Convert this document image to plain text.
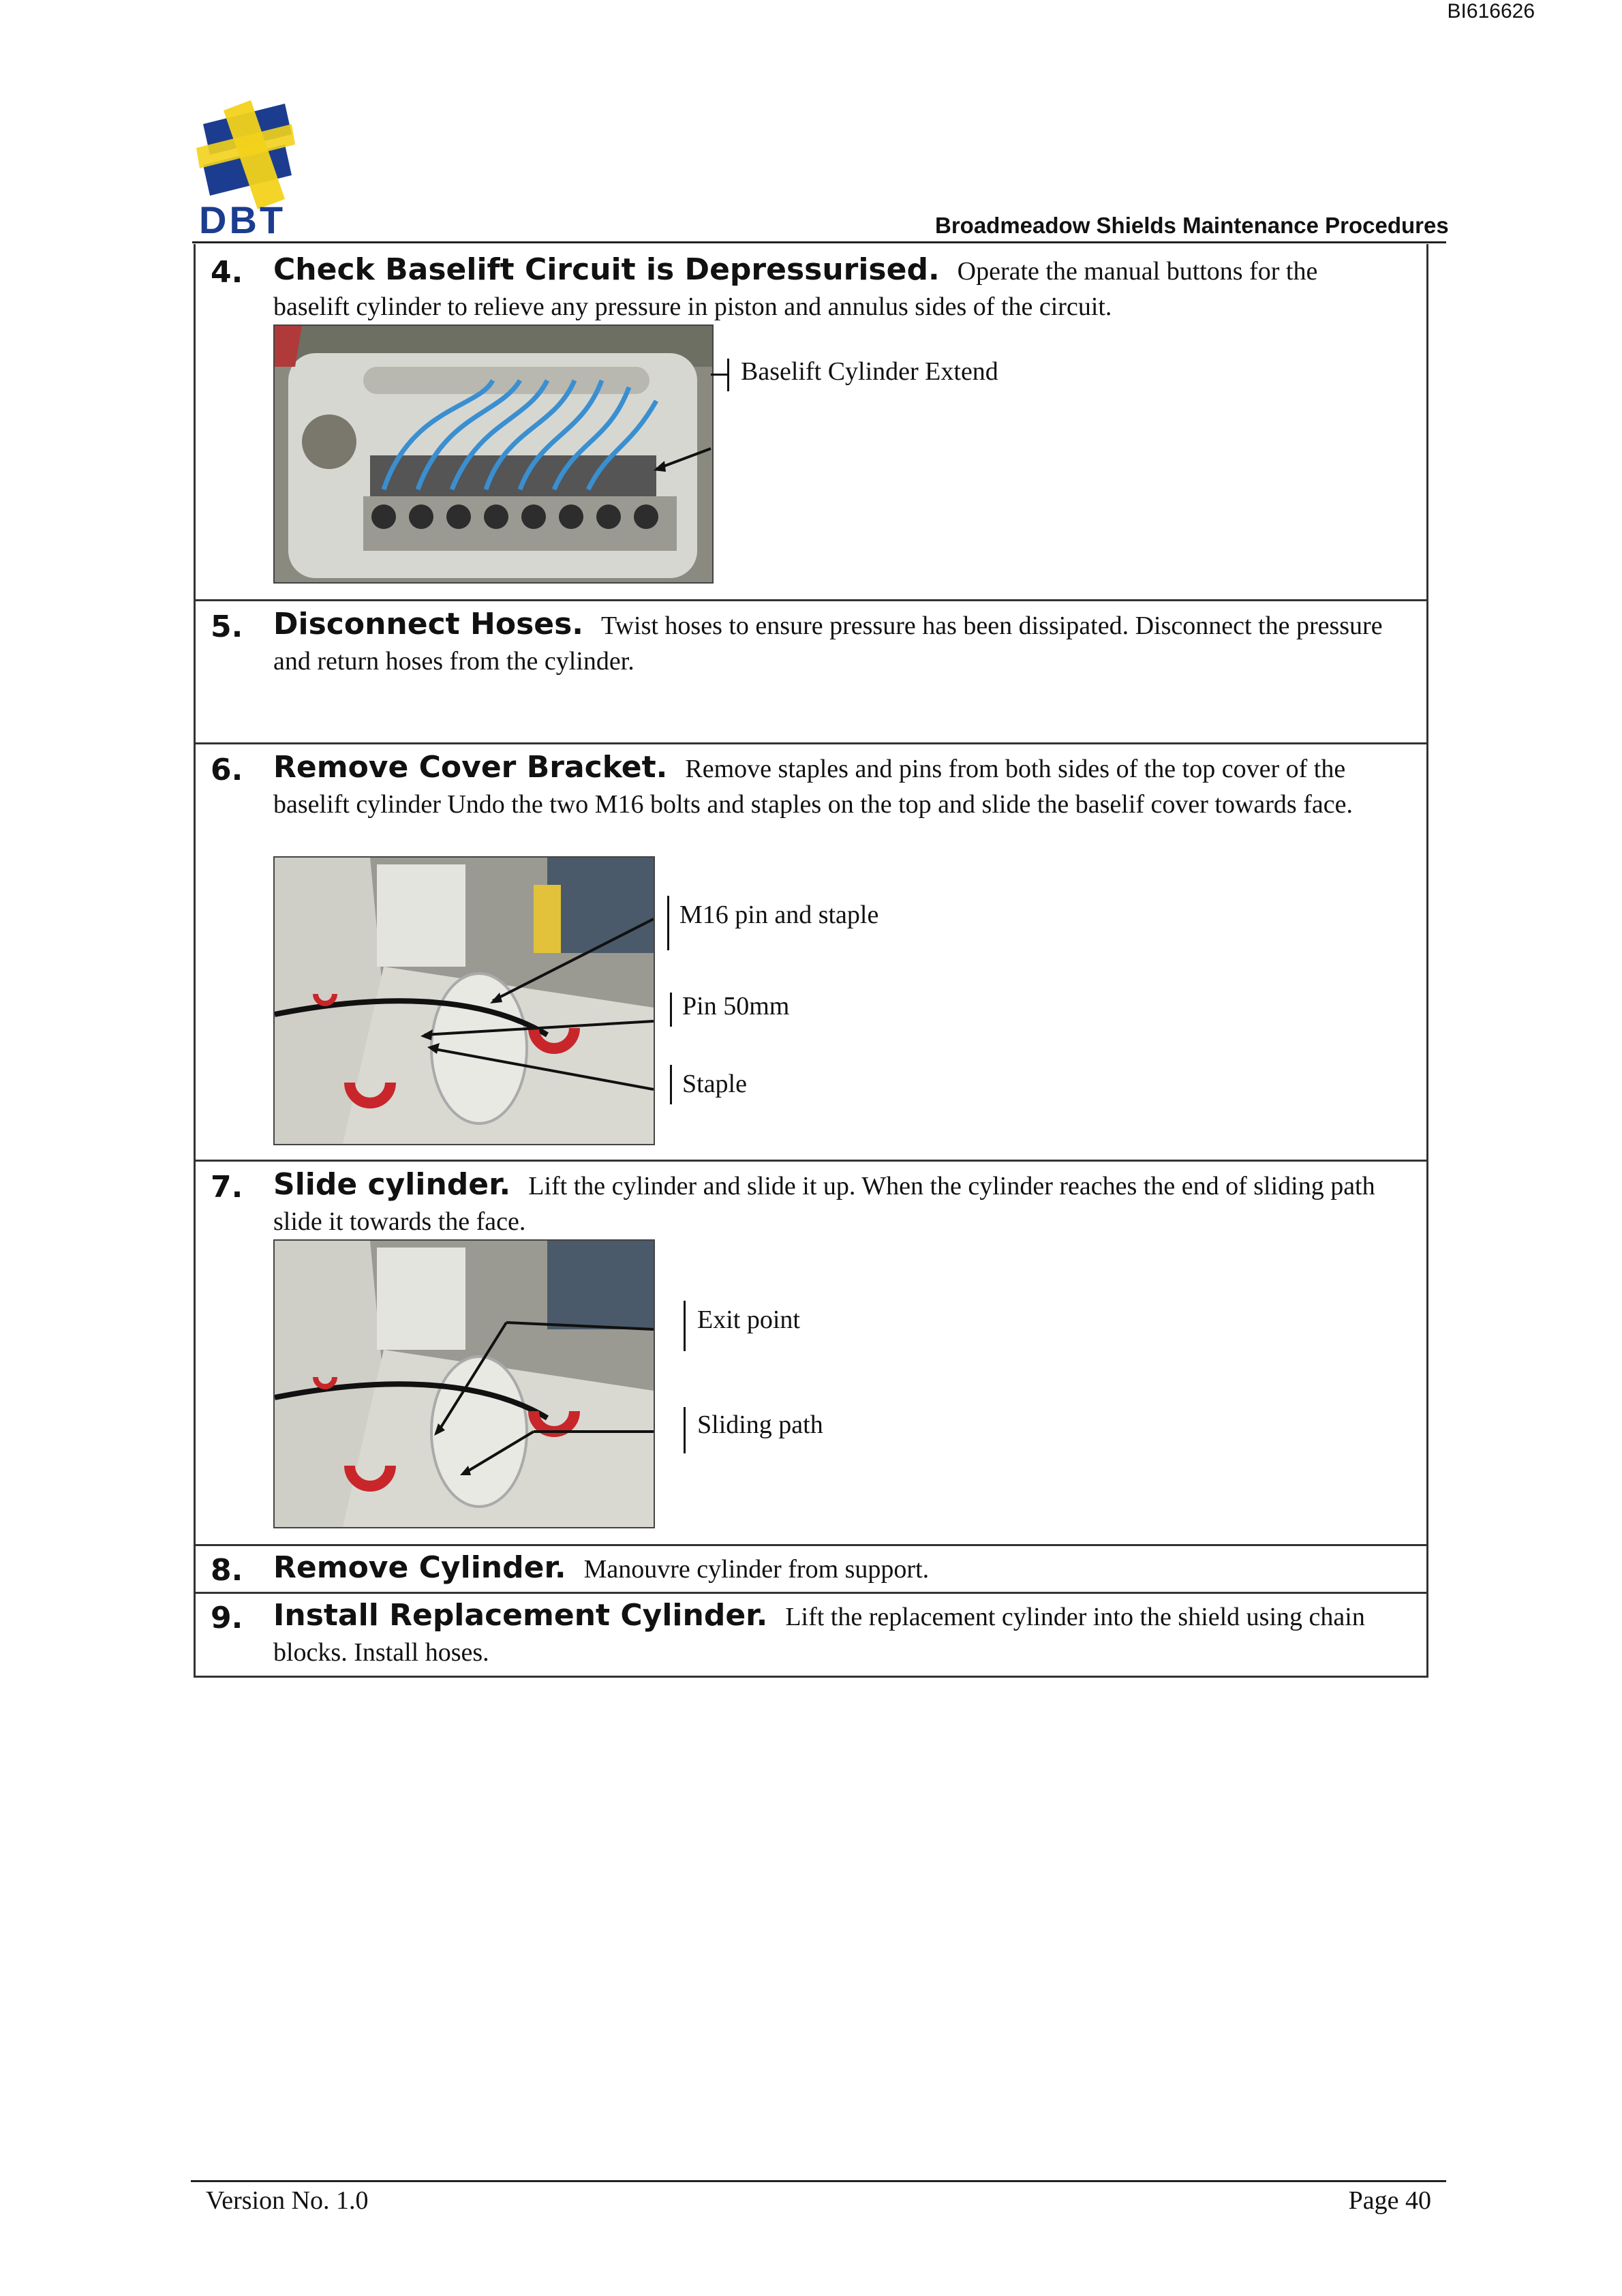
BI616626
DBT	Broadmeadow Shields Maintenance Procedures
4. Check Baselift Circuit is Depressurised. Operate the manual buttons for the baselift cylinder to relieve any pressure in piston and annulus sides of the circuit.
Baselift Cylinder Extend
5. Disconnect Hoses. Twist hoses to ensure pressure has been dissipated. Disconnect the pressure and return hoses from the cylinder.
6. Remove Cover Bracket. Remove staples and pins from both sides of the top cover of the baselift cylinder Undo the two M16 bolts and staples on the top and slide the baselif cover towards face.
M16 pin and staple
Pin 50mm
Staple
7. Slide cylinder. Lift the cylinder and slide it up. When the cylinder reaches the end of sliding path slide it towards the face.
Exit point
Sliding path
8. Remove Cylinder. Manouvre cylinder from support.
9. Install Replacement Cylinder. Lift the replacement cylinder into the shield using chain blocks. Install hoses.
Version No. 1.0	Page 40
